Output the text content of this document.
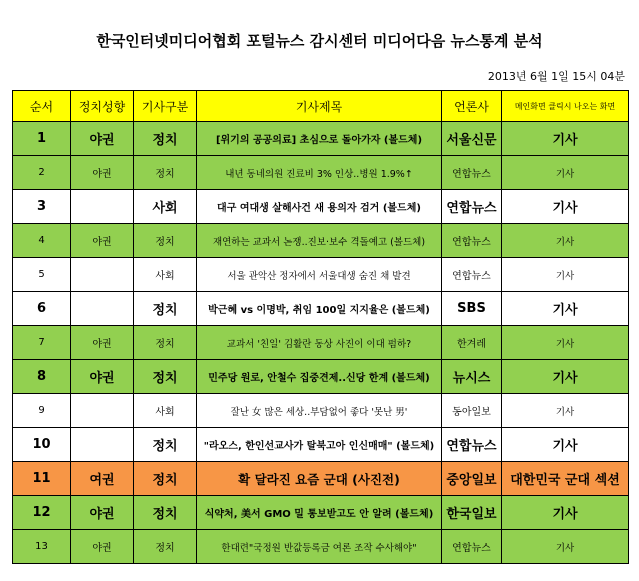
한국인터넷미디어협회 포털뉴스 감시센터 미디어다음 뉴스통계 분석
2013년 6월 1일 15시 04분
순서	정치성향	기사구분	기사제목	언론사	메인화면 클릭시 나오는 화면
1	야권	정치	[위기의 공공의료] 초심으로 돌아가자 (볼드체)	서울신문	기사
2	야권	정치	내년 동네의원 진료비 3% 인상..병원 1.9%↑	연합뉴스	기사
3		사회	대구 여대생 살해사건 새 용의자 검거 (볼드체)	연합뉴스	기사
4	야권	정치	재연하는 교과서 논쟁..진보·보수 격돌예고 (볼드체)	연합뉴스	기사
5		사회	서울 관악산 정자에서 서울대생 숨진 채 발견	연합뉴스	기사
6		정치	박근혜 vs 이명박, 취임 100일 지지율은 (볼드체)	SBS	기사
7	야권	정치	교과서 '친일' 김활란 동상 사진이 이대 펌하?	한겨레	기사
8	야권	정치	민주당 원로, 안철수 집중견제..신당 한계 (볼드체)	뉴시스	기사
9		사회	잘난 女 많은 세상..부담없어 좋다 '못난 男'	동아일보	기사
10		정치	"라오스, 한인선교사가 탈북고아 인신매매" (볼드체)	연합뉴스	기사
11	여권	정치	확 달라진 요즘 군대 (사진전)	중앙일보	대한민국 군대 섹션
12	야권	정치	식약처, 美서 GMO 밀 통보받고도 안 알려 (볼드체)	한국일보	기사
13	야권	정치	한대련"국정원 반값등록금 여론 조작 수사해야"	연합뉴스	기사
